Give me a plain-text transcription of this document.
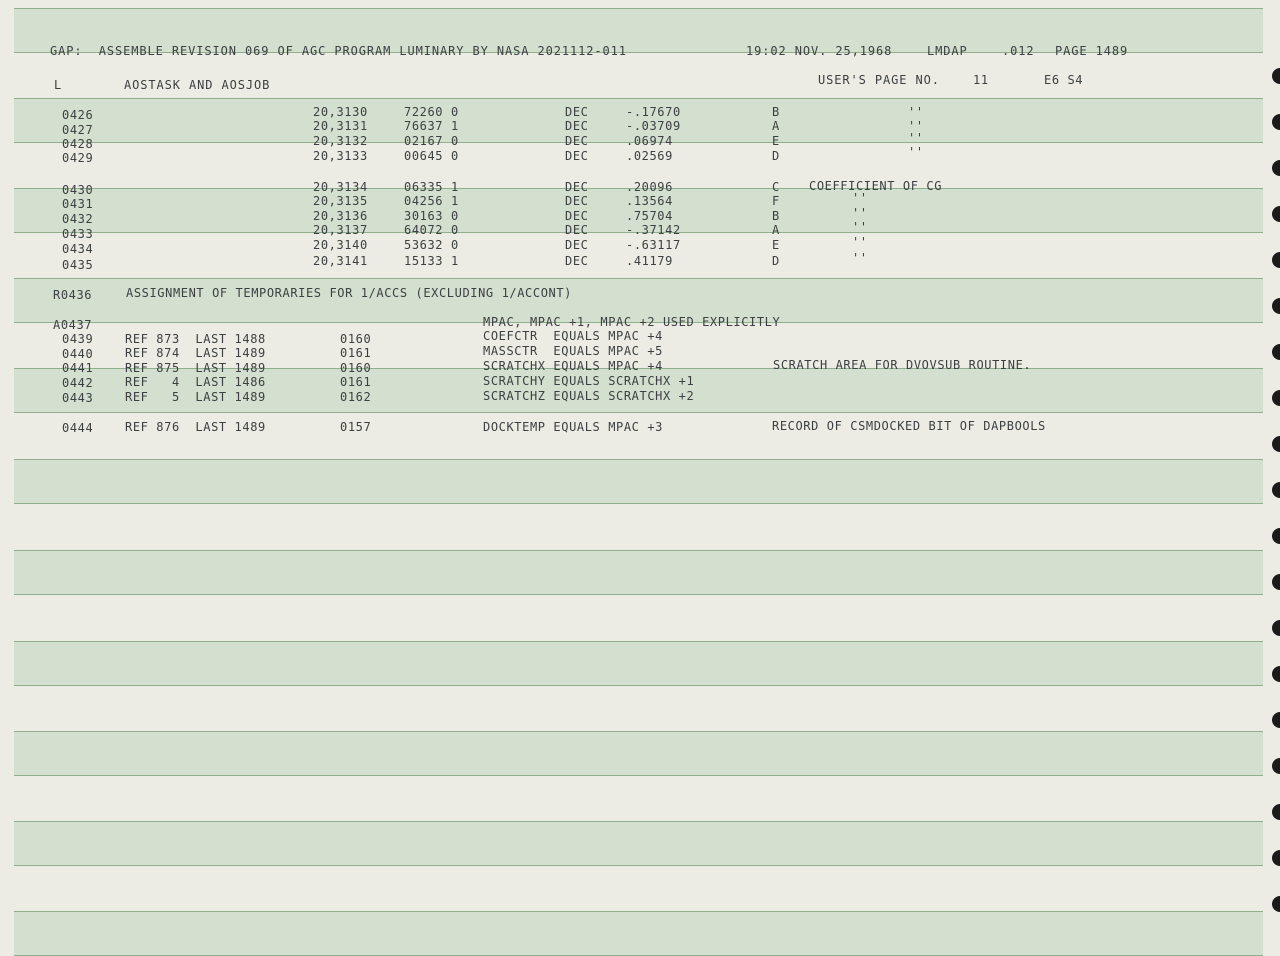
GAP:  ASSEMBLE REVISION 069 OF AGC PROGRAM LUMINARY BY NASA 2021112-011	19:02 NOV. 25,1968	LMDAP	.012 PAGE 1489
L	AOSTASK AND AOSJOB	USER'S PAGE NO.	11	E6 S4
0426	20,3130	72260 0	DEC	-.17670	B	''
0427	20,3131	76637 1	DEC	-.03709	A	''
0428	20,3132	02167 0	DEC	.06974	E	''
0429	20,3133	00645 0	DEC	.02569	D	''
0430	20,3134	06335 1	DEC	.20096	C COEFFICIENT OF CG
0431	20,3135	04256 1	DEC	.13564	F	''
0432	20,3136	30163 0	DEC	.75704	B	''
0433	20,3137	64072 0	DEC	-.37142	A	''
0434	20,3140	53632 0	DEC	-.63117	E	''
0435	20,3141	15133 1	DEC	.41179	D	''
R0436	ASSIGNMENT OF TEMPORARIES FOR 1/ACCS (EXCLUDING 1/ACCONT)
A0437	MPAC, MPAC +1, MPAC +2 USED EXPLICITLY
0439	REF 873  LAST 1488	0160	COEFCTR  EQUALS MPAC +4
0440	REF 874  LAST 1489	0161	MASSCTR  EQUALS MPAC +5
0441	REF 875  LAST 1489	0160	SCRATCHX EQUALS MPAC +4	SCRATCH AREA FOR DVOVSUB ROUTINE.
0442	REF   4  LAST 1486	0161	SCRATCHY EQUALS SCRATCHX +1
0443	REF   5  LAST 1489	0162	SCRATCHZ EQUALS SCRATCHX +2
0444	REF 876  LAST 1489	0157	DOCKTEMP EQUALS MPAC +3	RECORD OF CSMDOCKED BIT OF DAPBOOLS
